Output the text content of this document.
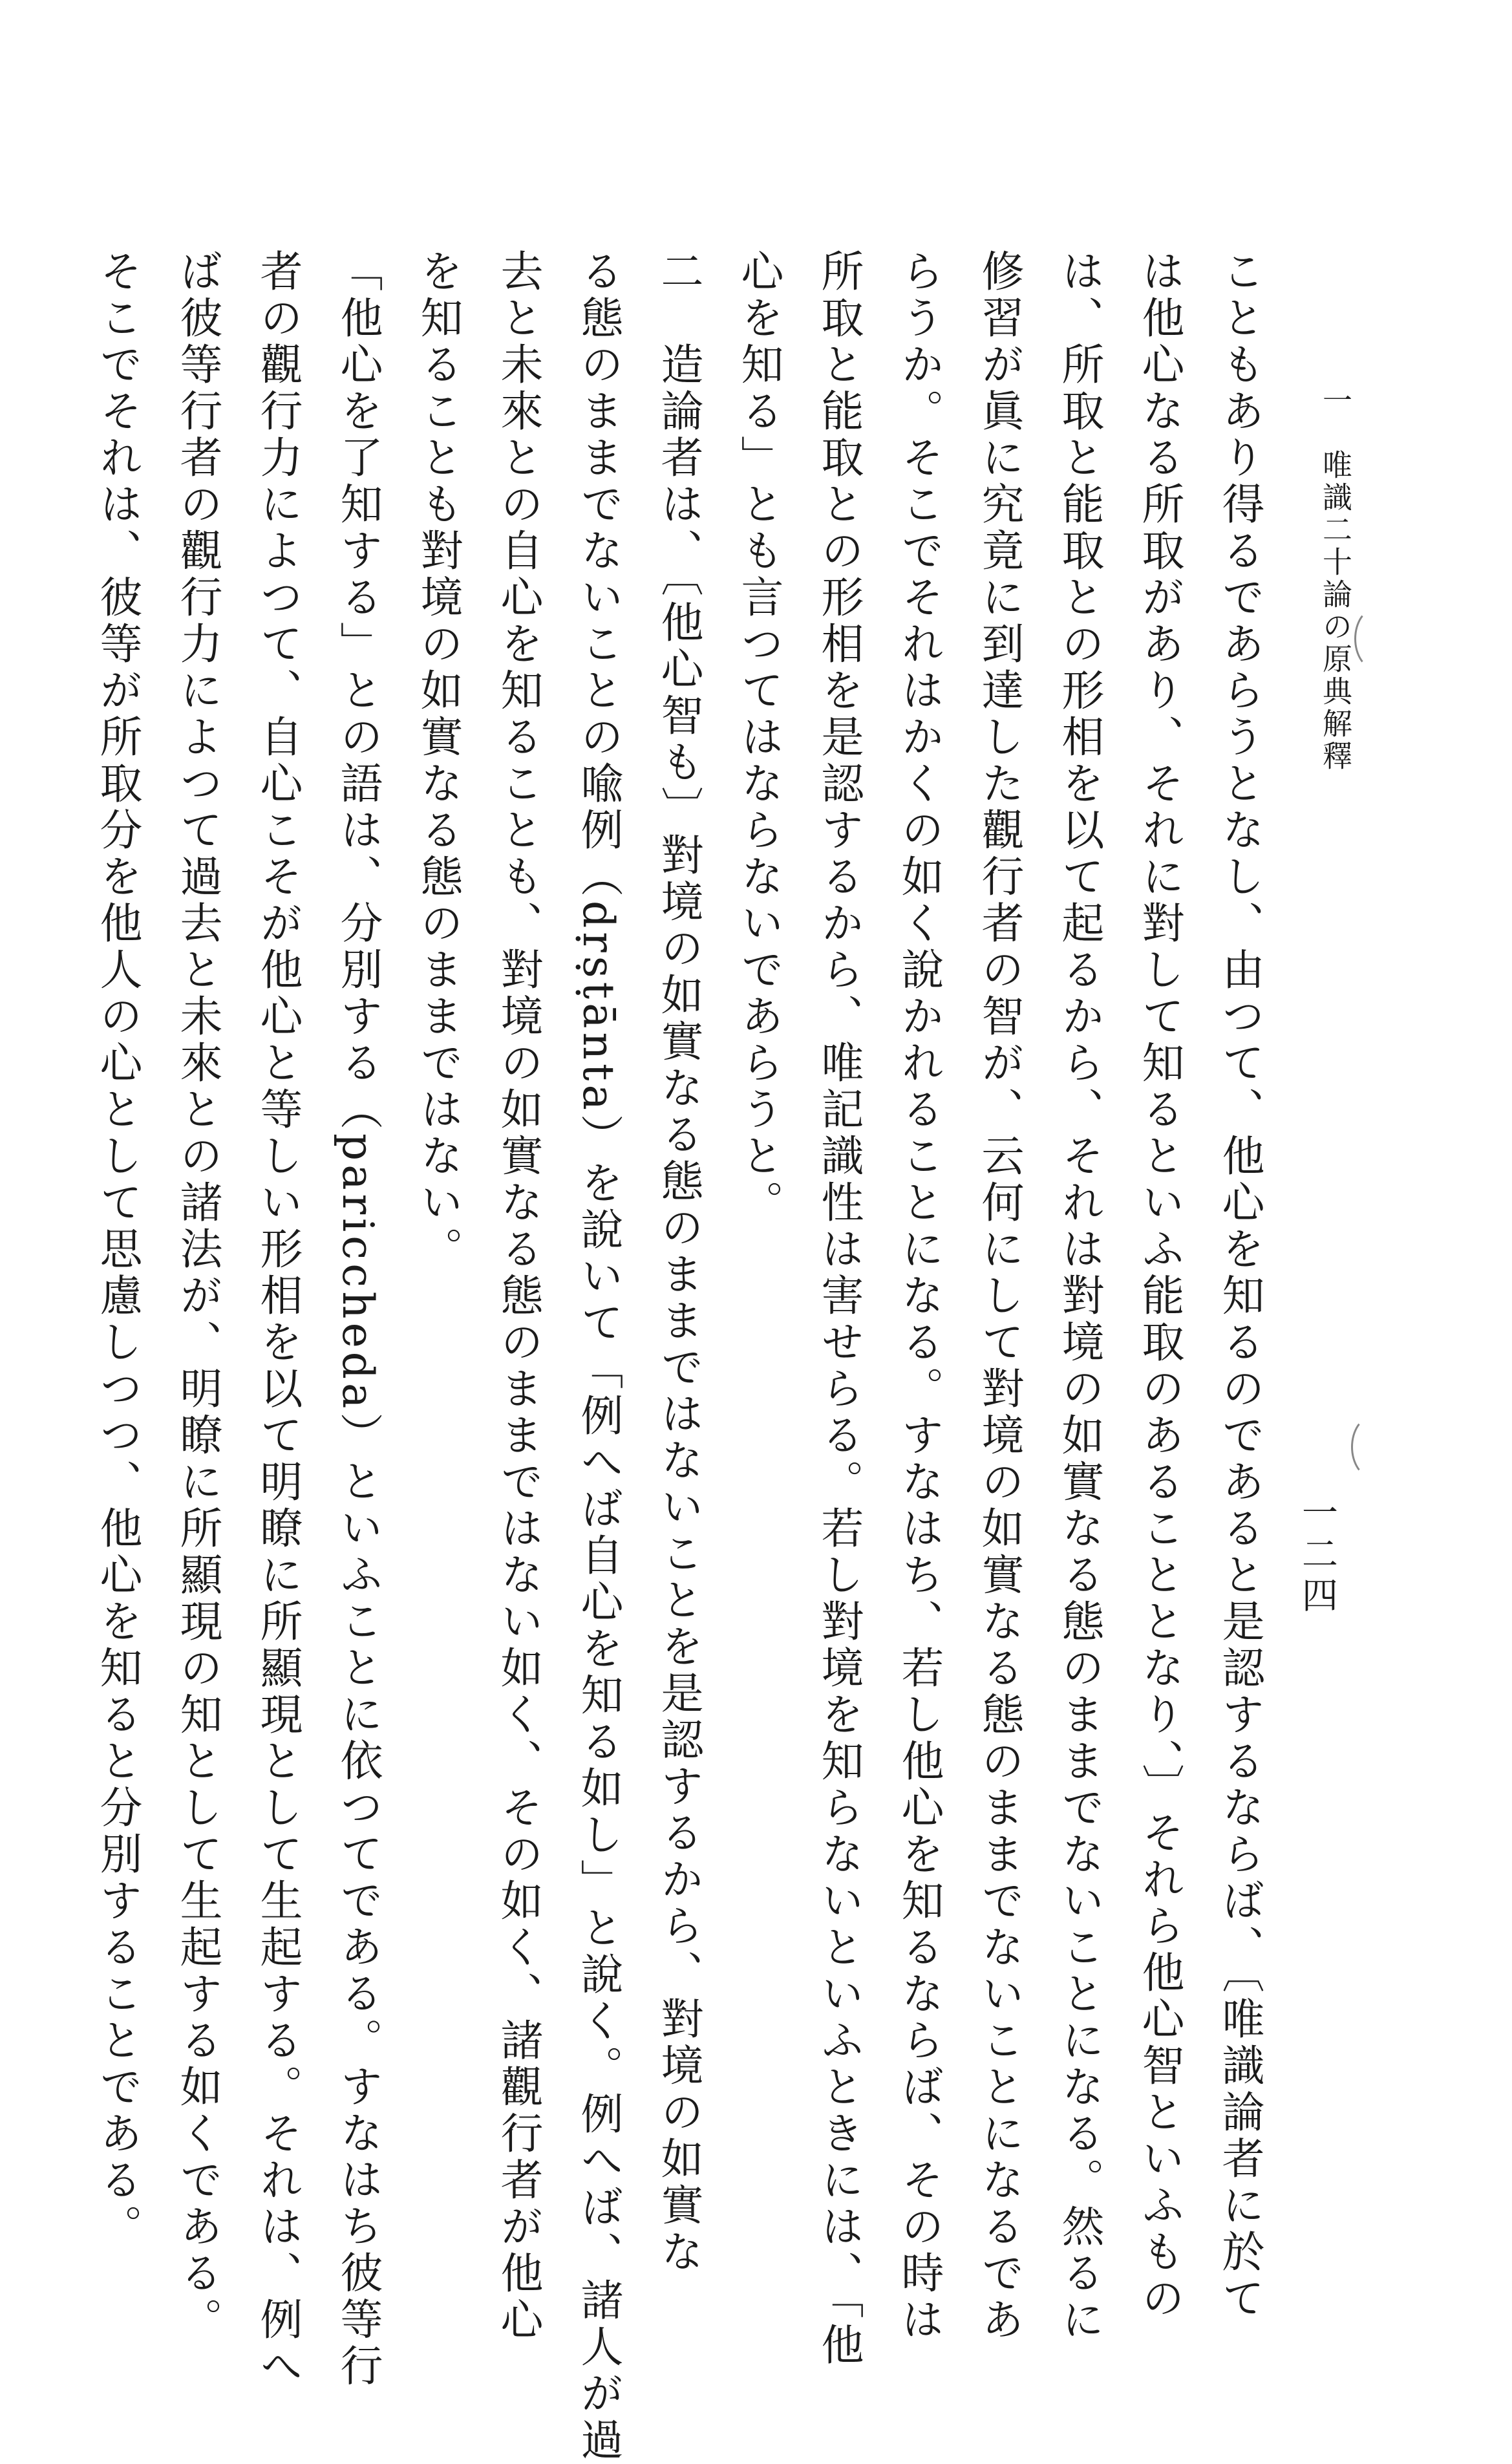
一　唯識二十論の原典解釋
一二四
こともあり得るであらうとなし、由つて、他心を知るのであると是認するならば、〔唯識論者に於て
は他心なる所取があり、それに對して知るといふ能取のあることとなり、〕それら他心智といふもの
は、所取と能取との形相を以て起るから、それは對境の如實なる態のままでないことになる。然るに
修習が眞に究竟に到達した觀行者の智が、云何にして對境の如實なる態のままでないことになるであ
らうか。そこでそれはかくの如く說かれることになる。すなはち、若し他心を知るならば、その時は
所取と能取との形相を是認するから、唯記識性は害せらる。若し對境を知らないといふときには、「他
心を知る」とも言つてはならないであらうと。
二　造論者は、〔他心智も〕對境の如實なる態のままではないことを是認するから、對境の如實な
る態のままでないことの喩例（dṛṣṭānta）を說いて「例へば自心を知る如し」と說く。例へば、諸人が過
去と未來との自心を知ることも、對境の如實なる態のままではない如く、その如く、諸觀行者が他心
を知ることも對境の如實なる態のままではない。
「他心を了知する」との語は、分別する（pariccheda）といふことに依つてである。すなはち彼等行
者の觀行力によつて、自心こそが他心と等しい形相を以て明瞭に所顯現として生起する。それは、例へ
ば彼等行者の觀行力によつて過去と未來との諸法が、明瞭に所顯現の知として生起する如くである。
そこでそれは、彼等が所取分を他人の心として思慮しつつ、他心を知ると分別することである。
